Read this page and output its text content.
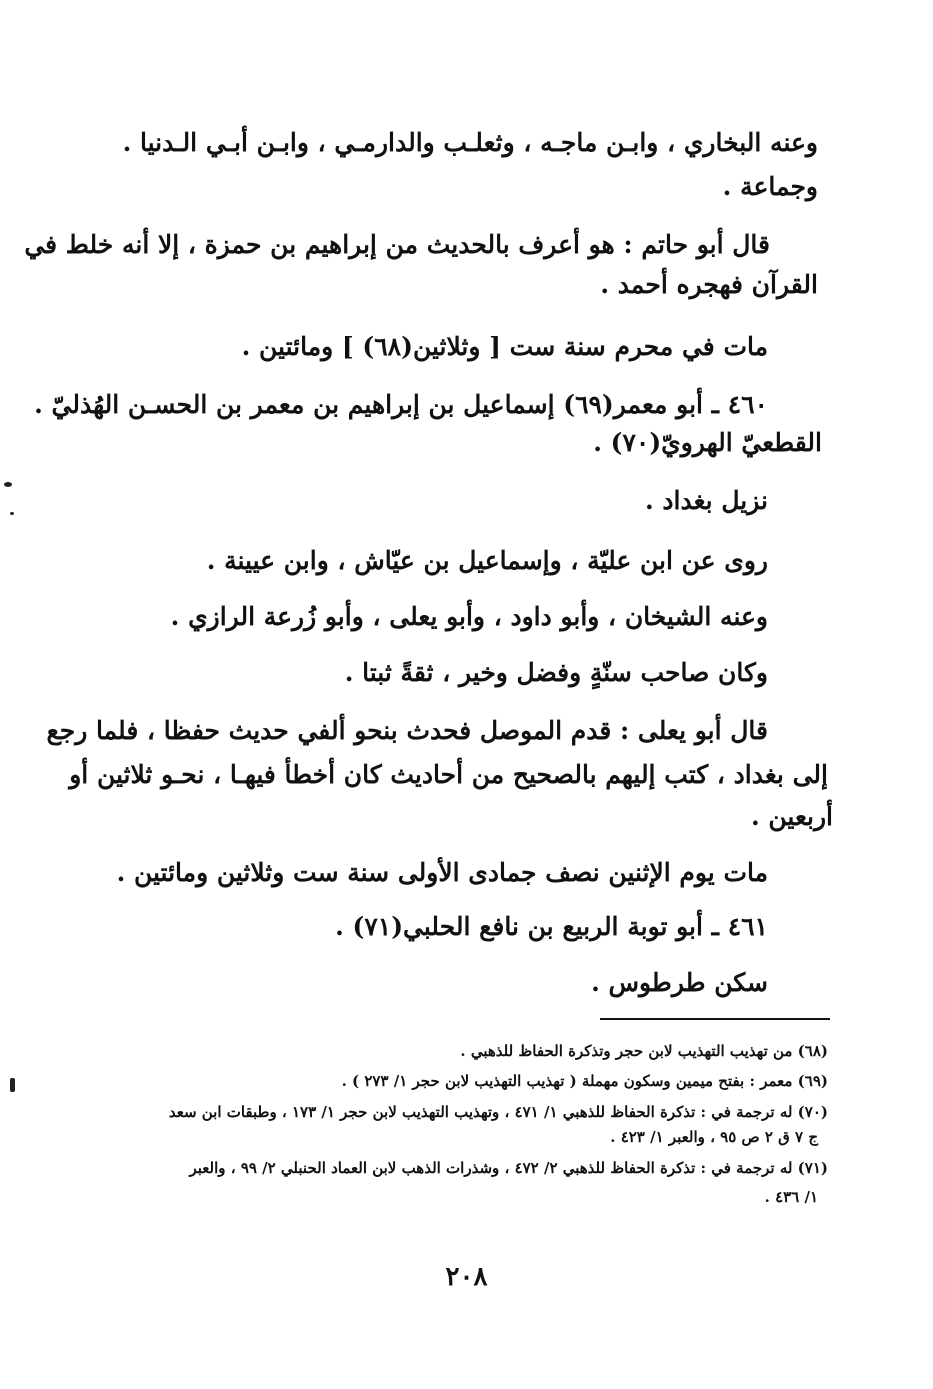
وعنه البخاري ، وابـن ماجـه ، وثعلـب والدارمـي ، وابـن أبـي الـدنيا .
وجماعة .
قال أبو حاتم : هو أعرف بالحديث من إبراهيم بن حمزة ، إلا أنه خلط في
القرآن فهجره أحمد .
مات في محرم سنة ست [ وثلاثين(٦٨) ] ومائتين .
٤٦٠ ـ أبو معمر(٦٩) إسماعيل بن إبراهيم بن معمر بن الحسـن الهُذليّ .
القطعيّ الهرويّ(٧٠) .
نزيل بغداد .
روى عن ابن عليّة ، وإسماعيل بن عيّاش ، وابن عيينة .
وعنه الشيخان ، وأبو داود ، وأبو يعلى ، وأبو زُرعة الرازي .
وكان صاحب سنّةٍ وفضل وخير ، ثقةً ثبتا .
قال أبو يعلى : قدم الموصل فحدث بنحو ألفي حديث حفظا ، فلما رجع
إلى بغداد ، كتب إليهم بالصحيح من أحاديث كان أخطأ فيهـا ، نحـو ثلاثين أو
أربعين .
مات يوم الإثنين نصف جمادى الأولى سنة ست وثلاثين ومائتين .
٤٦١ ـ أبو توبة الربيع بن نافع الحلبي(٧١) .
سكن طرطوس .
(٦٨) من تهذيب التهذيب لابن حجر وتذكرة الحفاظ للذهبي .
(٦٩) معمر : بفتح ميمين وسكون مهملة ( تهذيب التهذيب لابن حجر ١/ ٢٧٣ ) .
(٧٠) له ترجمة في : تذكرة الحفاظ للذهبي ١/ ٤٧١ ، وتهذيب التهذيب لابن حجر ١/ ١٧٣ ، وطبقات ابن سعد
ج ٧ ق ٢ ص ٩٥ ، والعبر ١/ ٤٢٣ .
(٧١) له ترجمة في : تذكرة الحفاظ للذهبي ٢/ ٤٧٢ ، وشذرات الذهب لابن العماد الحنبلي ٢/ ٩٩ ، والعبر
١/ ٤٣٦ .
٢٠٨
